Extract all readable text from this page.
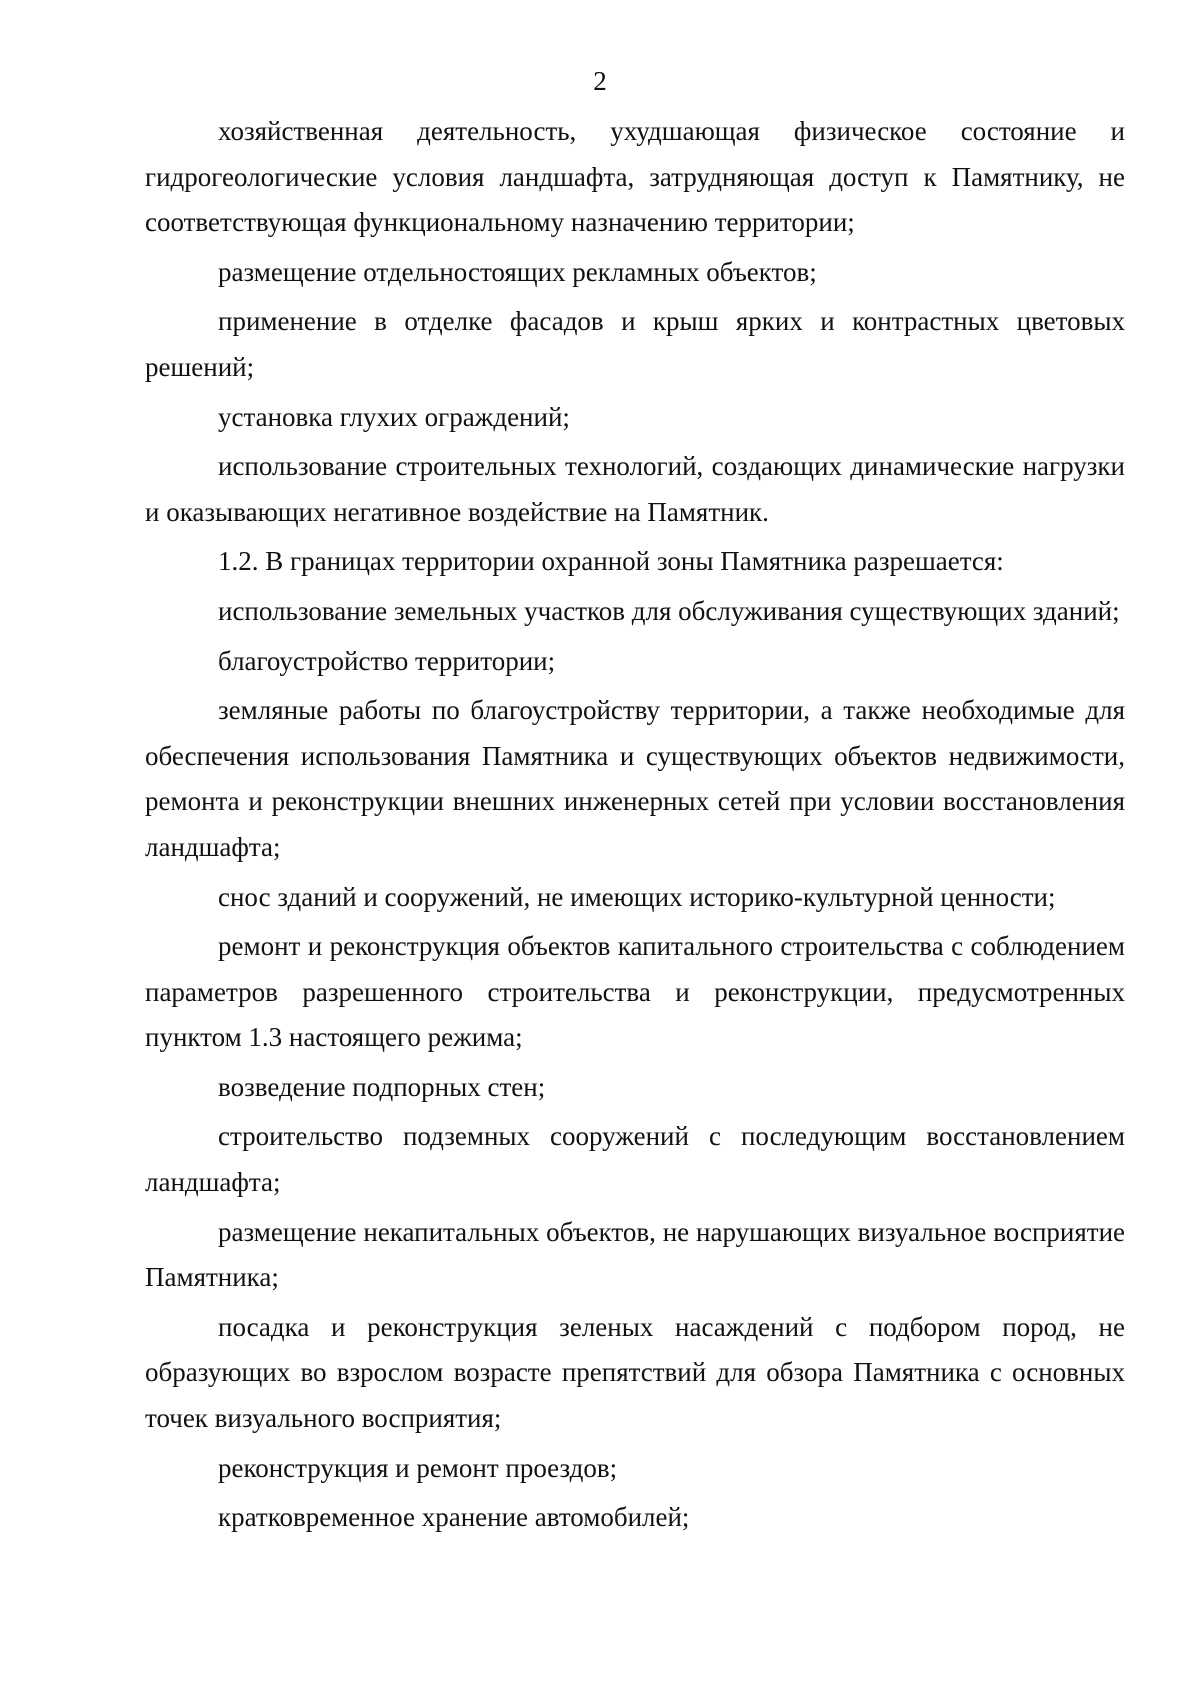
2

хозяйственная деятельность, ухудшающая физическое состояние и гидрогеологические условия ландшафта, затрудняющая доступ к Памятнику, не соответствующая функциональному назначению территории;

размещение отдельностоящих рекламных объектов;

применение в отделке фасадов и крыш ярких и контрастных цветовых решений;

установка глухих ограждений;

использование строительных технологий, создающих динамические нагрузки и оказывающих негативное воздействие на Памятник.

1.2. В границах территории охранной зоны Памятника разрешается:

использование земельных участков для обслуживания существующих зданий;

благоустройство территории;

земляные работы по благоустройству территории, а также необходимые для обеспечения использования Памятника и существующих объектов недвижимости, ремонта и реконструкции внешних инженерных сетей при условии восстановления ландшафта;

снос зданий и сооружений, не имеющих историко-культурной ценности;

ремонт и реконструкция объектов капитального строительства с соблюдением параметров разрешенного строительства и реконструкции, предусмотренных пунктом 1.3 настоящего режима;

возведение подпорных стен;

строительство подземных сооружений с последующим восстановлением ландшафта;

размещение некапитальных объектов, не нарушающих визуальное восприятие Памятника;

посадка и реконструкция зеленых насаждений с подбором пород, не образующих во взрослом возрасте препятствий для обзора Памятника с основных точек визуального восприятия;

реконструкция и ремонт проездов;

кратковременное хранение автомобилей;
